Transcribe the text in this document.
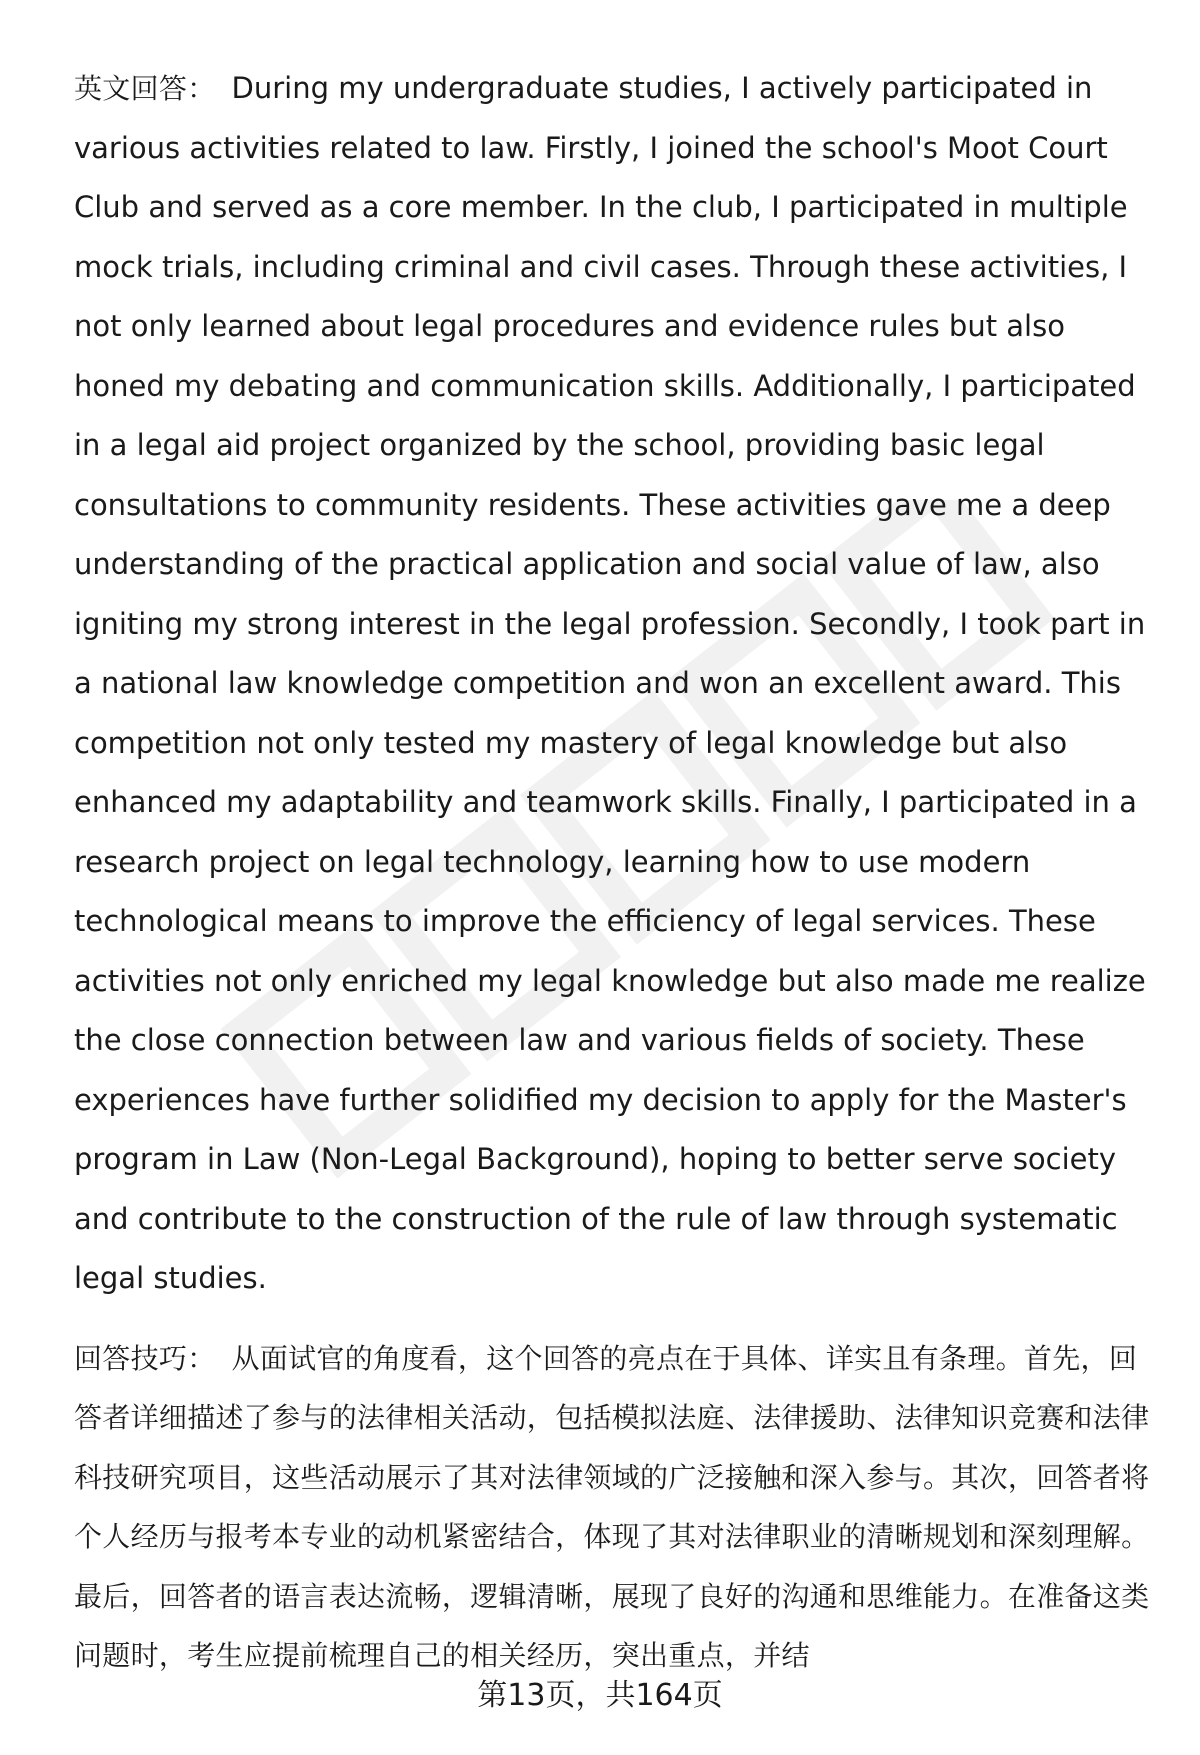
英文回答： During my undergraduate studies, I actively participated in various activities related to law. Firstly, I joined the school's Moot Court Club and served as a core member. In the club, I participated in multiple mock trials, including criminal and civil cases. Through these activities, I not only learned about legal procedures and evidence rules but also honed my debating and communication skills. Additionally, I participated in a legal aid project organized by the school, providing basic legal consultations to community residents. These activities gave me a deep understanding of the practical application and social value of law, also igniting my strong interest in the legal profession. Secondly, I took part in a national law knowledge competition and won an excellent award. This competition not only tested my mastery of legal knowledge but also enhanced my adaptability and teamwork skills. Finally, I participated in a research project on legal technology, learning how to use modern technological means to improve the efficiency of legal services. These activities not only enriched my legal knowledge but also made me realize the close connection between law and various fields of society. These experiences have further solidified my decision to apply for the Master's program in Law (Non-Legal Background), hoping to better serve society and contribute to the construction of the rule of law through systematic legal studies.

回答技巧： 从面试官的角度看，这个回答的亮点在于具体、详实且有条理。首先，回答者详细描述了参与的法律相关活动，包括模拟法庭、法律援助、法律知识竞赛和法律科技研究项目，这些活动展示了其对法律领域的广泛接触和深入参与。其次，回答者将个人经历与报考本专业的动机紧密结合，体现了其对法律职业的清晰规划和深刻理解。最后，回答者的语言表达流畅，逻辑清晰，展现了良好的沟通和思维能力。在准备这类问题时，考生应提前梳理自己的相关经历，突出重点，并结

第13页，共164页
